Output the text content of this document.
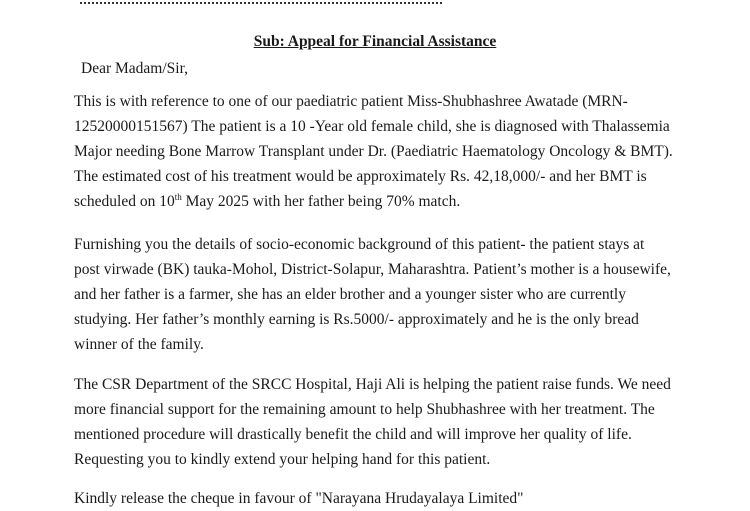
Sub: Appeal for Financial Assistance
Dear Madam/Sir,
This is with reference to one of our paediatric patient Miss-Shubhashree Awatade (MRN-
12520000151567) The patient is a 10 -Year old female child, she is diagnosed with Thalassemia
Major needing Bone Marrow Transplant under Dr. (Paediatric Haematology Oncology & BMT).
The estimated cost of his treatment would be approximately Rs. 42,18,000/- and her BMT is
scheduled on 10th May 2025 with her father being 70% match.
Furnishing you the details of socio-economic background of this patient- the patient stays at
post virwade (BK) tauka-Mohol, District-Solapur, Maharashtra. Patient’s mother is a housewife,
and her father is a farmer, she has an elder brother and a younger sister who are currently
studying. Her father’s monthly earning is Rs.5000/- approximately and he is the only bread
winner of the family.
The CSR Department of the SRCC Hospital, Haji Ali is helping the patient raise funds. We need
more financial support for the remaining amount to help Shubhashree with her treatment. The
mentioned procedure will drastically benefit the child and will improve her quality of life.
Requesting you to kindly extend your helping hand for this patient.
Kindly release the cheque in favour of "Narayana Hrudayalaya Limited"
